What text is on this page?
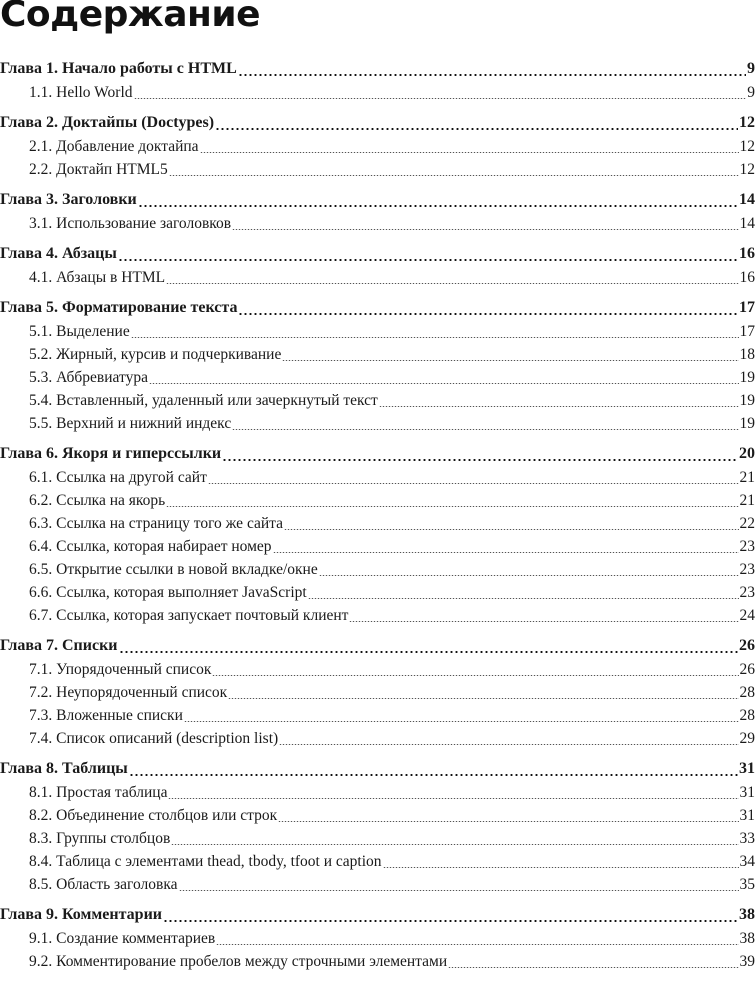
Содержание
Глава 1. Начало работы с HTML	9
1.1. Hello World	9
Глава 2. Доктайпы (Doctypes)	12
2.1. Добавление доктайпа	12
2.2. Доктайп HTML5	12
Глава 3. Заголовки	14
3.1. Использование заголовков	14
Глава 4. Абзацы	16
4.1. Абзацы в HTML	16
Глава 5. Форматирование текста	17
5.1. Выделение	17
5.2. Жирный, курсив и подчеркивание	18
5.3. Аббревиатура	19
5.4. Вставленный, удаленный или зачеркнутый текст	19
5.5. Верхний и нижний индекс	19
Глава 6. Якоря и гиперссылки	20
6.1. Ссылка на другой сайт	21
6.2. Ссылка на якорь	21
6.3. Ссылка на страницу того же сайта	22
6.4. Ссылка, которая набирает номер	23
6.5. Открытие ссылки в новой вкладке/окне	23
6.6. Ссылка, которая выполняет JavaScript	23
6.7. Ссылка, которая запускает почтовый клиент	24
Глава 7. Списки	26
7.1. Упорядоченный список	26
7.2. Неупорядоченный список	28
7.3. Вложенные списки	28
7.4. Список описаний (description list)	29
Глава 8. Таблицы	31
8.1. Простая таблица	31
8.2. Объединение столбцов или строк	31
8.3. Группы столбцов	33
8.4. Таблица с элементами thead, tbody, tfoot и caption	34
8.5. Область заголовка	35
Глава 9. Комментарии	38
9.1. Создание комментариев	38
9.2. Комментирование пробелов между строчными элементами	39
